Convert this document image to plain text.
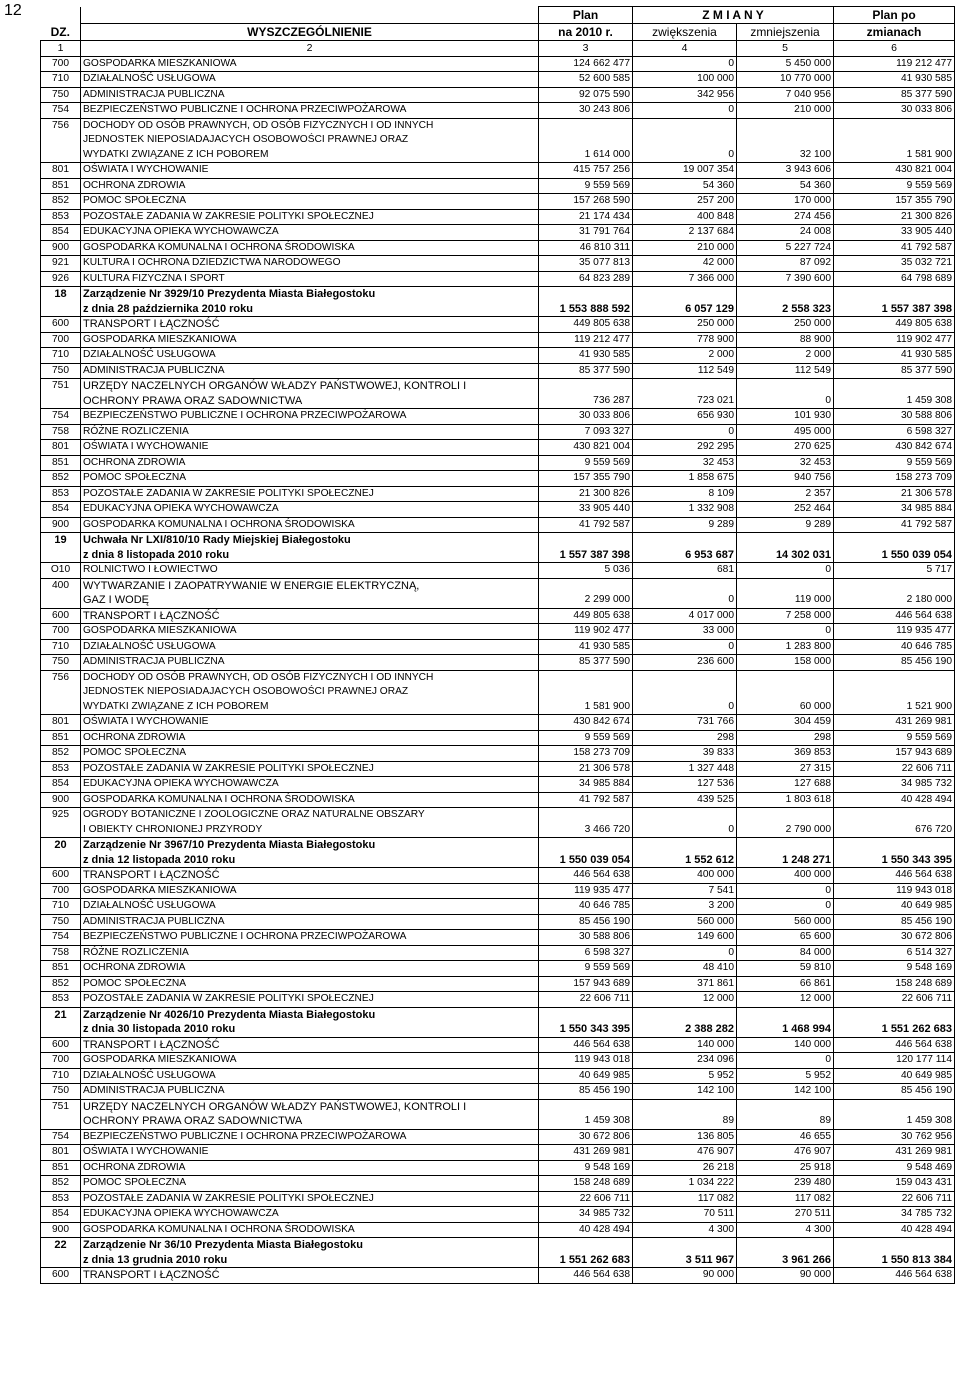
12
DZ.		Plan	Z M I A N Y		Plan po
	WYSZCZEGÓLNIENIE	na 2010 r.	zwiększenia	zmniejszenia	zmianach
1	2	3	4	5	6
700	GOSPODARKA MIESZKANIOWA	124 662 477	0	5 450 000	119 212 477
710	DZIAŁALNOŚĆ USŁUGOWA	52 600 585	100 000	10 770 000	41 930 585
750	ADMINISTRACJA PUBLICZNA	92 075 590	342 956	7 040 956	85 377 590
754	BEZPIECZEŃSTWO PUBLICZNE I OCHRONA PRZECIWPOŻAROWA	30 243 806	0	210 000	30 033 806
756	DOCHODY OD OSÓB PRAWNYCH, OD OSÓB FIZYCZNYCH I OD INNYCH				
	JEDNOSTEK NIEPOSIADAJACYCH OSOBOWOŚCI PRAWNEJ ORAZ				
	WYDATKI ZWIĄZANE Z ICH POBOREM	1 614 000	0	32 100	1 581 900
801	OŚWIATA I WYCHOWANIE	415 757 256	19 007 354	3 943 606	430 821 004
851	OCHRONA ZDROWIA	9 559 569	54 360	54 360	9 559 569
852	POMOC SPOŁECZNA	157 268 590	257 200	170 000	157 355 790
853	POZOSTAŁE ZADANIA W ZAKRESIE POLITYKI SPOŁECZNEJ	21 174 434	400 848	274 456	21 300 826
854	EDUKACYJNA OPIEKA WYCHOWAWCZA	31 791 764	2 137 684	24 008	33 905 440
900	GOSPODARKA KOMUNALNA I OCHRONA ŚRODOWISKA	46 810 311	210 000	5 227 724	41 792 587
921	KULTURA I OCHRONA DZIEDZICTWA NARODOWEGO	35 077 813	42 000	87 092	35 032 721
926	KULTURA FIZYCZNA I SPORT	64 823 289	7 366 000	7 390 600	64 798 689
18	Zarządzenie Nr 3929/10 Prezydenta Miasta Białegostoku				
	z dnia 28 października 2010 roku	1 553 888 592	6 057 129	2 558 323	1 557 387 398
600	TRANSPORT I ŁĄCZNOŚĆ	449 805 638	250 000	250 000	449 805 638
700	GOSPODARKA MIESZKANIOWA	119 212 477	778 900	88 900	119 902 477
710	DZIAŁALNOŚĆ USŁUGOWA	41 930 585	2 000	2 000	41 930 585
750	ADMINISTRACJA PUBLICZNA	85 377 590	112 549	112 549	85 377 590
751	URZĘDY NACZELNYCH ORGANÓW WŁADZY PAŃSTWOWEJ, KONTROLI I				
	OCHRONY PRAWA ORAZ SADOWNICTWA	736 287	723 021	0	1 459 308
754	BEZPIECZEŃSTWO PUBLICZNE I OCHRONA PRZECIWPOŻAROWA	30 033 806	656 930	101 930	30 588 806
758	RÓŻNE ROZLICZENIA	7 093 327	0	495 000	6 598 327
801	OŚWIATA I WYCHOWANIE	430 821 004	292 295	270 625	430 842 674
851	OCHRONA ZDROWIA	9 559 569	32 453	32 453	9 559 569
852	POMOC SPOŁECZNA	157 355 790	1 858 675	940 756	158 273 709
853	POZOSTAŁE ZADANIA W ZAKRESIE POLITYKI SPOŁECZNEJ	21 300 826	8 109	2 357	21 306 578
854	EDUKACYJNA OPIEKA WYCHOWAWCZA	33 905 440	1 332 908	252 464	34 985 884
900	GOSPODARKA KOMUNALNA I OCHRONA ŚRODOWISKA	41 792 587	9 289	9 289	41 792 587
19	Uchwała Nr LXI/810/10 Rady Miejskiej Białegostoku				
	z dnia 8 listopada 2010 roku	1 557 387 398	6 953 687	14 302 031	1 550 039 054
O10	ROLNICTWO I ŁOWIECTWO	5 036	681	0	5 717
400	WYTWARZANIE I ZAOPATRYWANIE W ENERGIE ELEKTRYCZNĄ,				
	GAZ I WODĘ	2 299 000	0	119 000	2 180 000
600	TRANSPORT I ŁĄCZNOŚĆ	449 805 638	4 017 000	7 258 000	446 564 638
700	GOSPODARKA MIESZKANIOWA	119 902 477	33 000	0	119 935 477
710	DZIAŁALNOŚĆ USŁUGOWA	41 930 585	0	1 283 800	40 646 785
750	ADMINISTRACJA PUBLICZNA	85 377 590	236 600	158 000	85 456 190
756	DOCHODY OD OSÓB PRAWNYCH, OD OSÓB FIZYCZNYCH I OD INNYCH				
	JEDNOSTEK NIEPOSIADAJACYCH OSOBOWOŚCI PRAWNEJ ORAZ				
	WYDATKI ZWIĄZANE Z ICH POBOREM	1 581 900	0	60 000	1 521 900
801	OŚWIATA I WYCHOWANIE	430 842 674	731 766	304 459	431 269 981
851	OCHRONA ZDROWIA	9 559 569	298	298	9 559 569
852	POMOC SPOŁECZNA	158 273 709	39 833	369 853	157 943 689
853	POZOSTAŁE ZADANIA W ZAKRESIE POLITYKI SPOŁECZNEJ	21 306 578	1 327 448	27 315	22 606 711
854	EDUKACYJNA OPIEKA WYCHOWAWCZA	34 985 884	127 536	127 688	34 985 732
900	GOSPODARKA KOMUNALNA I OCHRONA ŚRODOWISKA	41 792 587	439 525	1 803 618	40 428 494
925	OGRODY BOTANICZNE I ZOOLOGICZNE ORAZ NATURALNE OBSZARY				
	I OBIEKTY CHRONIONEJ PRZYRODY	3 466 720	0	2 790 000	676 720
20	Zarządzenie Nr 3967/10 Prezydenta Miasta Białegostoku				
	z dnia 12 listopada 2010 roku	1 550 039 054	1 552 612	1 248 271	1 550 343 395
600	TRANSPORT I ŁĄCZNOŚĆ	446 564 638	400 000	400 000	446 564 638
700	GOSPODARKA MIESZKANIOWA	119 935 477	7 541	0	119 943 018
710	DZIAŁALNOŚĆ USŁUGOWA	40 646 785	3 200	0	40 649 985
750	ADMINISTRACJA PUBLICZNA	85 456 190	560 000	560 000	85 456 190
754	BEZPIECZEŃSTWO PUBLICZNE I OCHRONA PRZECIWPOŻAROWA	30 588 806	149 600	65 600	30 672 806
758	RÓŻNE ROZLICZENIA	6 598 327	0	84 000	6 514 327
851	OCHRONA ZDROWIA	9 559 569	48 410	59 810	9 548 169
852	POMOC SPOŁECZNA	157 943 689	371 861	66 861	158 248 689
853	POZOSTAŁE ZADANIA W ZAKRESIE POLITYKI SPOŁECZNEJ	22 606 711	12 000	12 000	22 606 711
21	Zarządzenie Nr 4026/10 Prezydenta Miasta Białegostoku				
	z dnia 30 listopada 2010 roku	1 550 343 395	2 388 282	1 468 994	1 551 262 683
600	TRANSPORT I ŁĄCZNOŚĆ	446 564 638	140 000	140 000	446 564 638
700	GOSPODARKA MIESZKANIOWA	119 943 018	234 096	0	120 177 114
710	DZIAŁALNOŚĆ USŁUGOWA	40 649 985	5 952	5 952	40 649 985
750	ADMINISTRACJA PUBLICZNA	85 456 190	142 100	142 100	85 456 190
751	URZĘDY NACZELNYCH ORGANÓW WŁADZY PAŃSTWOWEJ, KONTROLI I				
	OCHRONY PRAWA ORAZ SADOWNICTWA	1 459 308	89	89	1 459 308
754	BEZPIECZEŃSTWO PUBLICZNE I OCHRONA PRZECIWPOŻAROWA	30 672 806	136 805	46 655	30 762 956
801	OŚWIATA I WYCHOWANIE	431 269 981	476 907	476 907	431 269 981
851	OCHRONA ZDROWIA	9 548 169	26 218	25 918	9 548 469
852	POMOC SPOŁECZNA	158 248 689	1 034 222	239 480	159 043 431
853	POZOSTAŁE ZADANIA W ZAKRESIE POLITYKI SPOŁECZNEJ	22 606 711	117 082	117 082	22 606 711
854	EDUKACYJNA OPIEKA WYCHOWAWCZA	34 985 732	70 511	270 511	34 785 732
900	GOSPODARKA KOMUNALNA I OCHRONA ŚRODOWISKA	40 428 494	4 300	4 300	40 428 494
22	Zarządzenie Nr 36/10 Prezydenta Miasta Białegostoku				
	z dnia 13 grudnia 2010 roku	1 551 262 683	3 511 967	3 961 266	1 550 813 384
600	TRANSPORT I ŁĄCZNOŚĆ	446 564 638	90 000	90 000	446 564 638
